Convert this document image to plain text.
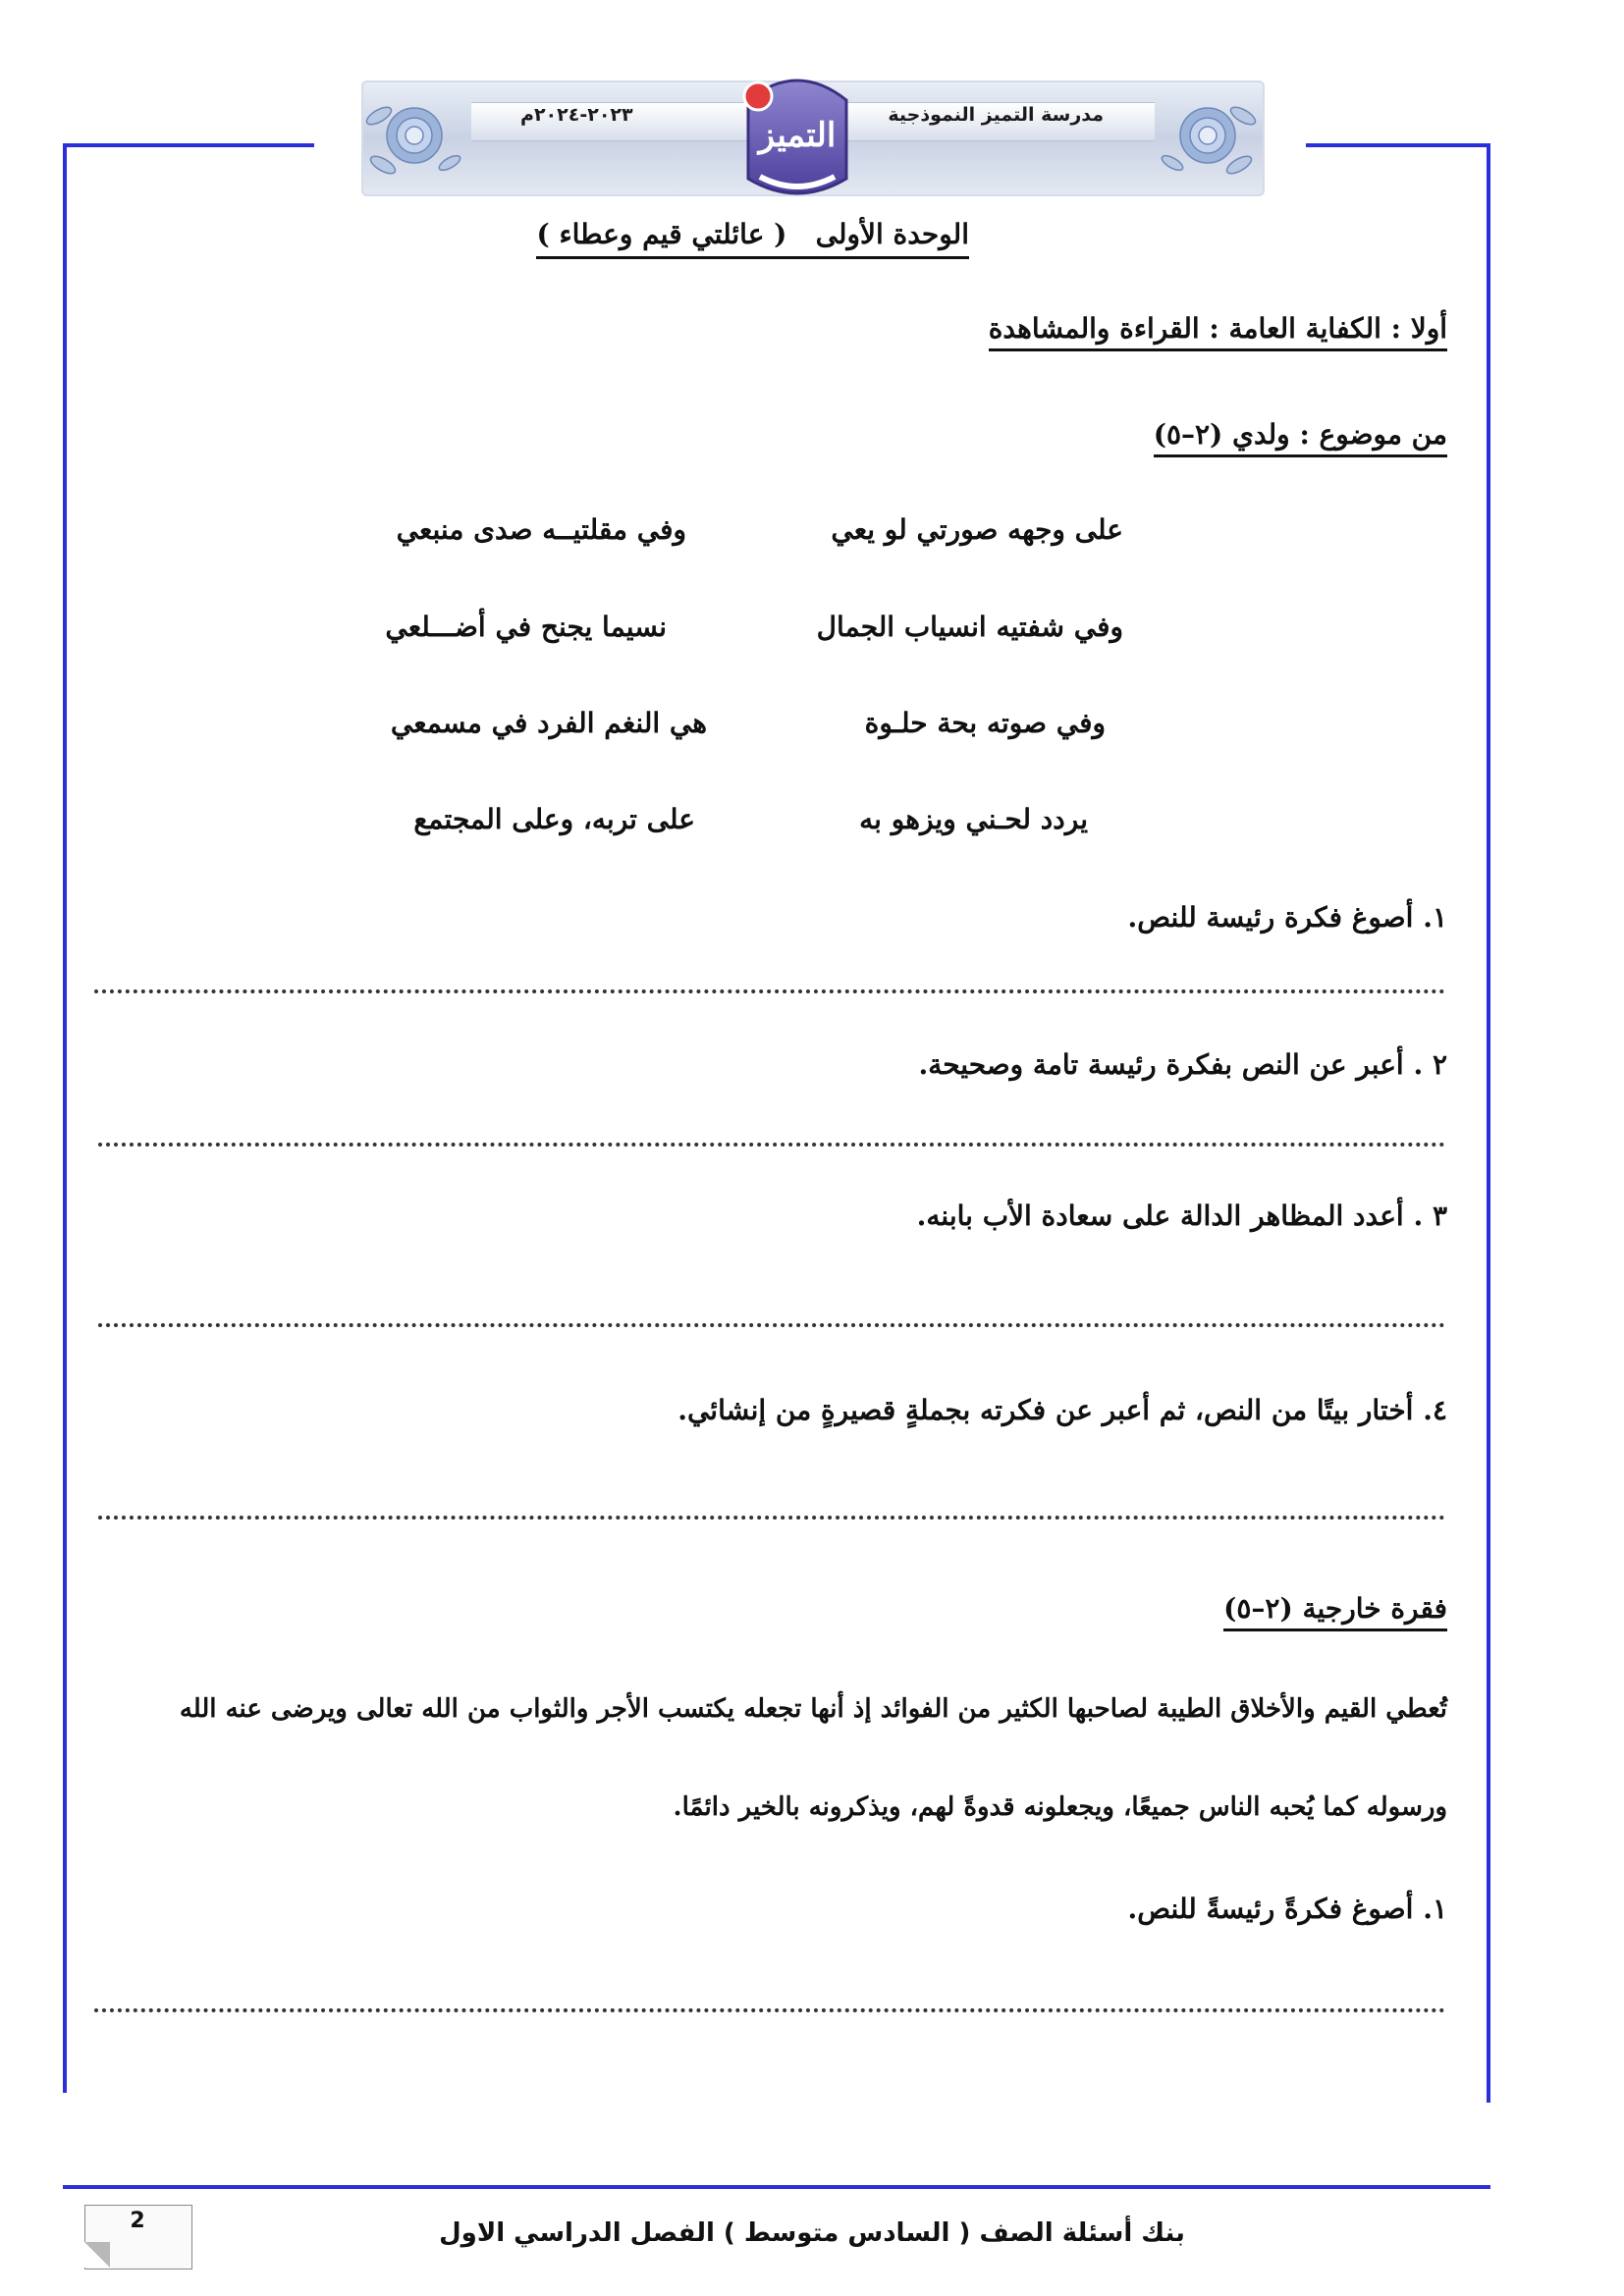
مدرسة التميز النموذجية
٢٠٢٣-٢٠٢٤م
التميز
الوحدة الأولى   ( عائلتي قيم وعطاء )
أولا : الكفاية العامة : القراءة والمشاهدة
من موضوع : ولدي (٢–٥)
على وجهه صورتي لو يعي
وفي مقلتيــه صدى منبعي
وفي شفتيه انسياب الجمال
نسيما يجنح في أضـــلعي
وفي صوته بحة حلـوة
هي النغم الفرد في مسمعي
يردد لحـني ويزهو به
على تربه، وعلى المجتمع
١. أصوغ فكرة رئيسة للنص.
٢ . أعبر عن النص بفكرة رئيسة تامة وصحيحة.
٣ . أعدد المظاهر الدالة على سعادة الأب بابنه.
٤. أختار بيتًا من النص، ثم أعبر عن فكرته بجملةٍ قصيرةٍ من إنشائي.
فقرة خارجية (٢–٥)
تُعطي القيم والأخلاق الطيبة لصاحبها الكثير من الفوائد إذ أنها تجعله يكتسب الأجر والثواب من الله تعالى ويرضى عنه الله
ورسوله كما يُحبه الناس جميعًا، ويجعلونه قدوةً لهم، ويذكرونه بالخير دائمًا.
١. أصوغ فكرةً رئيسةً للنص.
2	بنك أسئلة الصف ( السادس متوسط ) الفصل الدراسي الاول
